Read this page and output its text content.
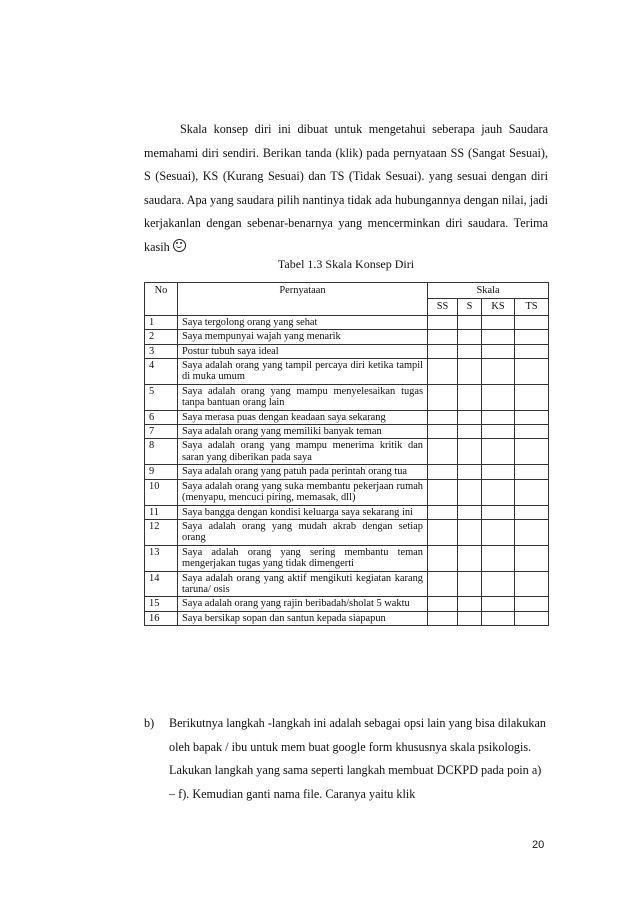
Skala konsep diri ini dibuat untuk mengetahui seberapa jauh Saudara memahami diri sendiri. Berikan tanda (klik) pada pernyataan SS (Sangat Sesuai), S (Sesuai), KS (Kurang Sesuai) dan TS (Tidak Sesuai). yang sesuai dengan diri saudara. Apa yang saudara pilih nantinya tidak ada hubungannya dengan nilai, jadi kerjakanlan dengan sebenar-benarnya yang mencerminkan diri saudara. Terima kasih

Tabel 1.3 Skala Konsep Diri
No	Pernyataan	Skala			
		SS	S	KS	TS
1	Saya tergolong orang yang sehat				
2	Saya mempunyai wajah yang menarik				
3	Postur tubuh saya ideal				
4	Saya adalah orang yang tampil percaya diri ketika tampil di muka umum				
5	Saya adalah orang yang mampu menyelesaikan tugas tanpa bantuan orang lain				
6	Saya merasa puas dengan keadaan saya sekarang				
7	Saya adalah orang yang memiliki banyak teman				
8	Saya adalah orang yang mampu menerima kritik dan saran yang diberikan pada saya				
9	Saya adalah orang yang patuh pada perintah orang tua				
10	Saya adalah orang yang suka membantu pekerjaan rumah (menyapu, mencuci piring, memasak, dll)				
11	Saya bangga dengan kondisi keluarga saya sekarang ini				
12	Saya adalah orang yang mudah akrab dengan setiap orang				
13	Saya adalah orang yang sering membantu teman mengerjakan tugas yang tidak dimengerti				
14	Saya adalah orang yang aktif mengikuti kegiatan karang taruna/ osis				
15	Saya adalah orang yang rajin beribadah/sholat 5 waktu				
16	Saya bersikap sopan dan santun kepada siapapun				
b) Berikutnya langkah -langkah ini adalah sebagai opsi lain yang bisa dilakukan oleh bapak / ibu untuk mem buat google form khususnya skala psikologis. Lakukan langkah yang sama seperti langkah membuat DCKPD pada poin a) – f). Kemudian ganti nama file. Caranya yaitu klik
20
